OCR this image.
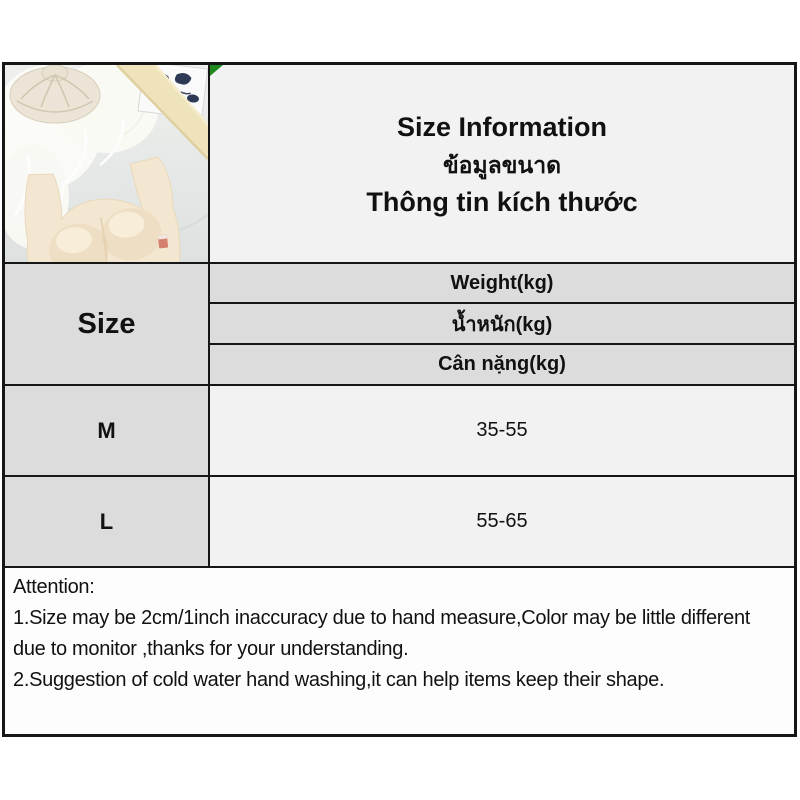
Size Information
ข้อมูลขนาด
Thông tin kích thước
Size
Weight(kg)
น้ำหนัก(kg)
Cân nặng(kg)
M	35-55
L	55-65

Attention:

1.Size may be 2cm/1inch inaccuracy due to hand measure,Color may be little different due to monitor ,thanks for your understanding.

2.Suggestion of cold water hand washing,it can help items keep their shape.
